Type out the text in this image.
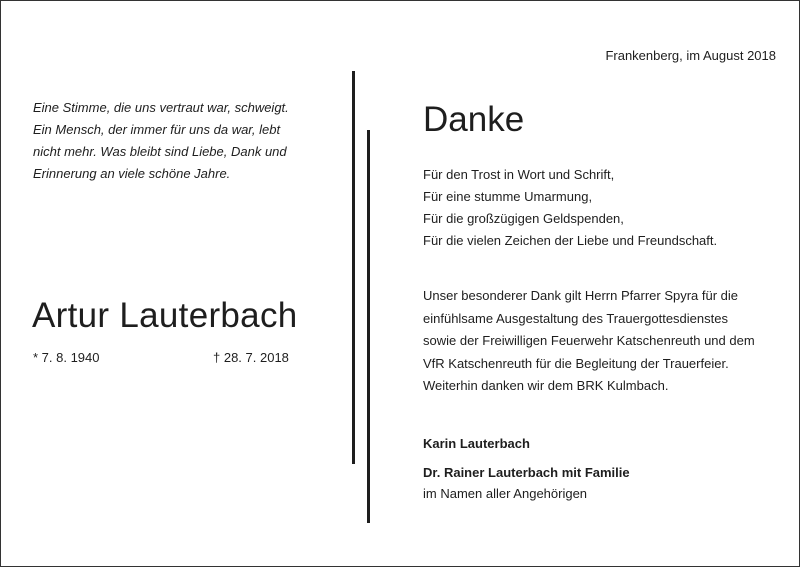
Frankenberg, im August 2018
Eine Stimme, die uns vertraut war, schweigt.
Ein Mensch, der immer für uns da war, lebt
nicht mehr. Was bleibt sind Liebe, Dank und
Erinnerung an viele schöne Jahre.
Artur Lauterbach
* 7. 8. 1940	† 28. 7. 2018
Danke
Für den Trost in Wort und Schrift,
Für eine stumme Umarmung,
Für die großzügigen Geldspenden,
Für die vielen Zeichen der Liebe und Freundschaft.
Unser besonderer Dank gilt Herrn Pfarrer Spyra für die
einfühlsame Ausgestaltung des Trauergottesdienstes
sowie der Freiwilligen Feuerwehr Katschenreuth und dem
VfR Katschenreuth für die Begleitung der Trauerfeier.
Weiterhin danken wir dem BRK Kulmbach.
Karin Lauterbach
Dr. Rainer Lauterbach mit Familie
im Namen aller Angehörigen
